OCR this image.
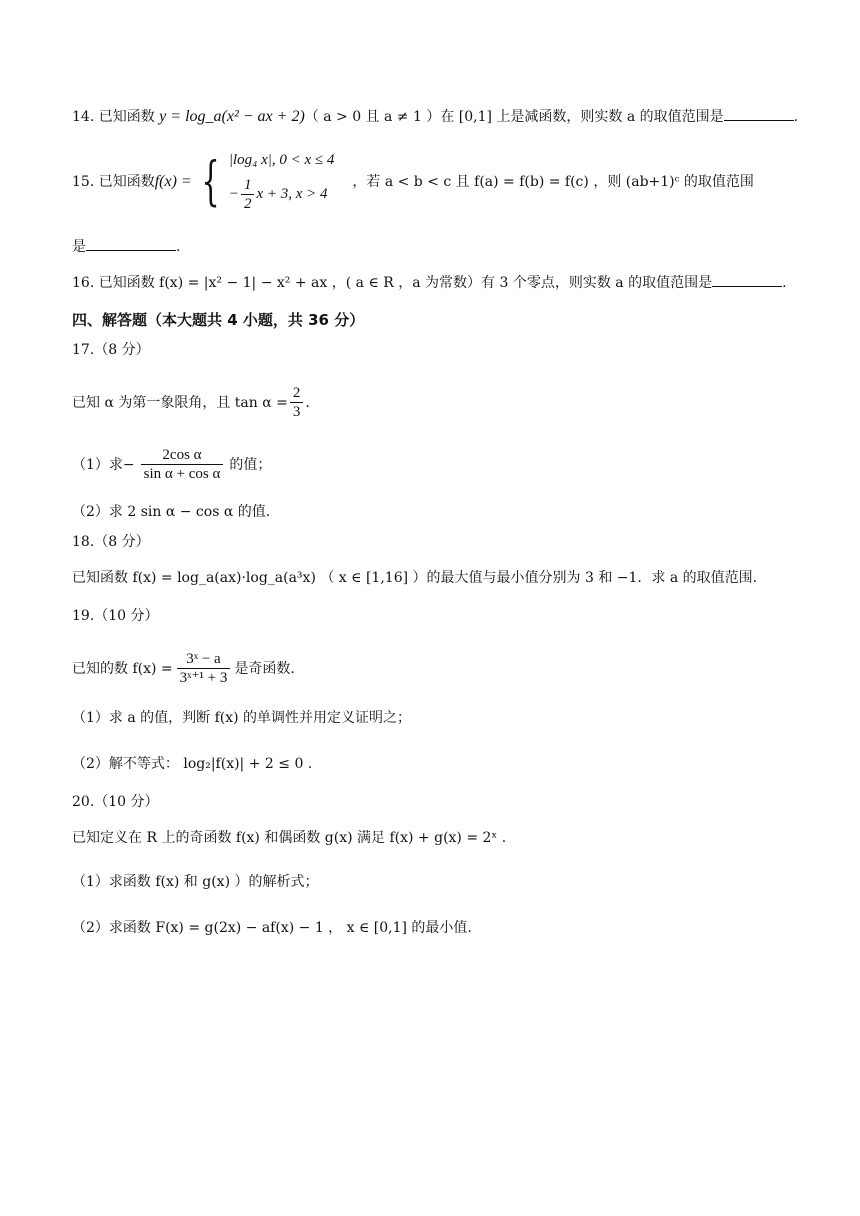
14. 已知函数 y = log_a(x² − ax + 2)（ a > 0 且 a ≠ 1 ）在 [0,1] 上是减函数，则实数 a 的取值范围是	.
15. 已知函数 f(x) = { |log₄ x|, 0 < x ≤ 4
− $\frac{1}{2}$ x + 3, x > 4
，若 a < b < c 且 f(a) = f(b) = f(c) ，则 (ab+1)ᶜ 的取值范围
是	.
16. 已知函数 f(x) = |x² − 1| − x² + ax ，( a ∈ R ，a 为常数）有 3 个零点，则实数 a 的取值范围是	.
四、解答题（本大题共 4 小题，共 36 分）
17.（8 分）
已知 α 为第一象限角，且 $\tan \alpha = \frac{2}{3}$ .
（1）求− $\frac{\text{2cos α}}{\text{sin α + cos α}}$ 的值；
（2）求 2 sin α − cos α 的值.
18.（8 分）
已知函数 f(x) = log_a(ax)·log_a(a³x) （ x ∈ [1,16] ）的最大值与最小值分别为 3 和 −1．求 a 的取值范围.
19.（10 分）
已知的数 $f(x) = \frac{\text{3ˣ − a}}{\text{3ˣ⁺¹ + 3}}$ 是奇函数.
（1）求 a 的值，判断 f(x) 的单调性并用定义证明之；
（2）解不等式： log₂|f(x)| + 2 ≤ 0 .
20.（10 分）
已知定义在 R 上的奇函数 f(x) 和偶函数 g(x) 满足 f(x) + g(x) = 2ˣ .
（1）求函数 f(x) 和 g(x) ）的解析式；
（2）求函数 F(x) = g(2x) − af(x) − 1 ， x ∈ [0,1] 的最小值.
